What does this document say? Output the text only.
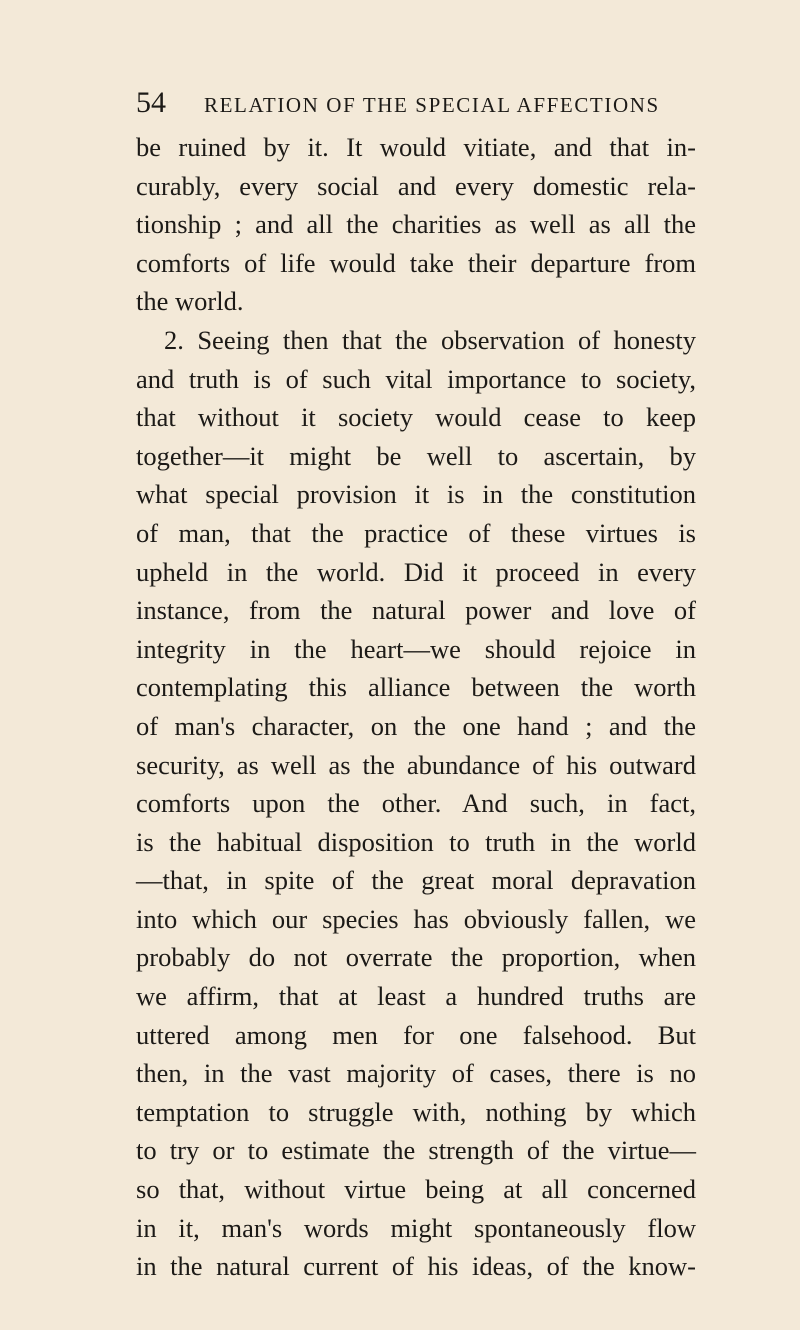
54 RELATION OF THE SPECIAL AFFECTIONS
be ruined by it. It would vitiate, and that in-
curably, every social and every domestic rela-
tionship ; and all the charities as well as all the
comforts of life would take their departure from
the world.
2. Seeing then that the observation of honesty
and truth is of such vital importance to society,
that without it society would cease to keep
together—it might be well to ascertain, by
what special provision it is in the constitution
of man, that the practice of these virtues is
upheld in the world. Did it proceed in every
instance, from the natural power and love of
integrity in the heart—we should rejoice in
contemplating this alliance between the worth
of man's character, on the one hand ; and the
security, as well as the abundance of his outward
comforts upon the other. And such, in fact,
is the habitual disposition to truth in the world
—that, in spite of the great moral depravation
into which our species has obviously fallen, we
probably do not overrate the proportion, when
we affirm, that at least a hundred truths are
uttered among men for one falsehood. But
then, in the vast majority of cases, there is no
temptation to struggle with, nothing by which
to try or to estimate the strength of the virtue—
so that, without virtue being at all concerned
in it, man's words might spontaneously flow
in the natural current of his ideas, of the know-
